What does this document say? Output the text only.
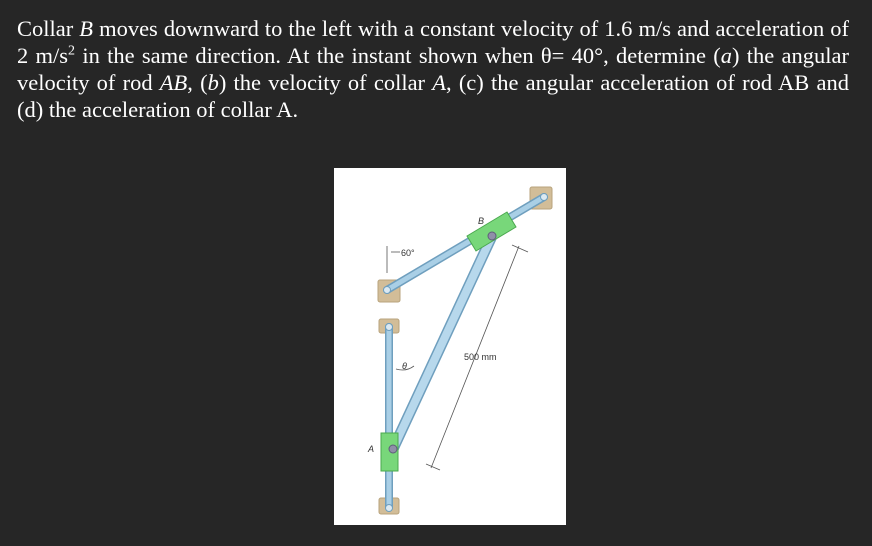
Collar B moves downward to the left with a constant velocity of 1.6 m/s and acceleration of 2 $m/s^2$ in the same direction. At the instant shown when θ= 40°, determine (a) the angular velocity of rod AB, (b) the velocity of collar A, (c) the angular acceleration of rod AB and (d) the acceleration of collar A.
60°
θ
500 mm
B
A
